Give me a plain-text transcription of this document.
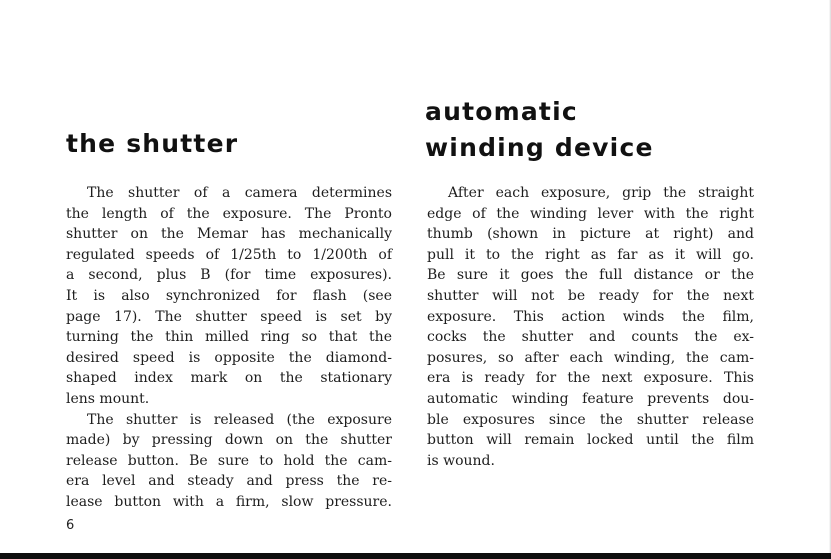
the shutter

The shutter of a camera determines

the length of the exposure. The Pronto

shutter on the Memar has mechanically

regulated speeds of 1/25th to 1/200th of

a second, plus B (for time exposures).

It is also synchronized for flash (see

page 17). The shutter speed is set by

turning the thin milled ring so that the

desired speed is opposite the diamond-

shaped index mark on the stationary

lens mount.

The shutter is released (the exposure

made) by pressing down on the shutter

release button. Be sure to hold the cam-

era level and steady and press the re-

lease button with a firm, slow pressure.

automatic
winding device

After each exposure, grip the straight

edge of the winding lever with the right

thumb (shown in picture at right) and

pull it to the right as far as it will go.

Be sure it goes the full distance or the

shutter will not be ready for the next

exposure. This action winds the film,

cocks the shutter and counts the ex-

posures, so after each winding, the cam-

era is ready for the next exposure. This

automatic winding feature prevents dou-

ble exposures since the shutter release

button will remain locked until the film

is wound.

6
